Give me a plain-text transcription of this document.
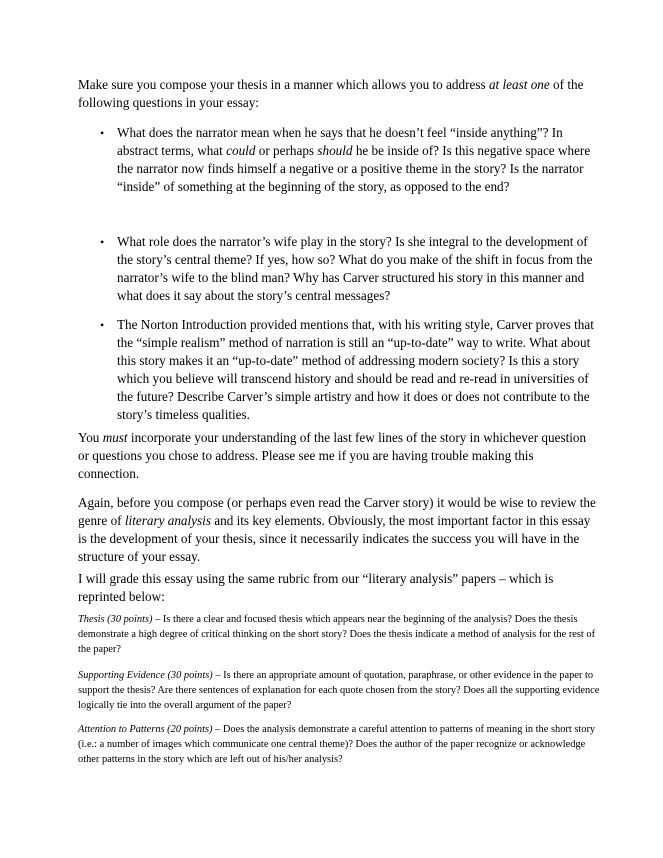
Make sure you compose your thesis in a manner which allows you to address at least one of the following questions in your essay:

• What does the narrator mean when he says that he doesn’t feel “inside anything”? In abstract terms, what could or perhaps should he be inside of? Is this negative space where the narrator now finds himself a negative or a positive theme in the story? Is the narrator “inside” of something at the beginning of the story, as opposed to the end?

• What role does the narrator’s wife play in the story? Is she integral to the development of the story’s central theme? If yes, how so? What do you make of the shift in focus from the narrator’s wife to the blind man? Why has Carver structured his story in this manner and what does it say about the story’s central messages?

• The Norton Introduction provided mentions that, with his writing style, Carver proves that the “simple realism” method of narration is still an “up-to-date” way to write. What about this story makes it an “up-to-date” method of addressing modern society? Is this a story which you believe will transcend history and should be read and re-read in universities of the future? Describe Carver’s simple artistry and how it does or does not contribute to the story’s timeless qualities.

You must incorporate your understanding of the last few lines of the story in whichever question or questions you chose to address. Please see me if you are having trouble making this connection.

Again, before you compose (or perhaps even read the Carver story) it would be wise to review the genre of literary analysis and its key elements. Obviously, the most important factor in this essay is the development of your thesis, since it necessarily indicates the success you will have in the structure of your essay.

I will grade this essay using the same rubric from our “literary analysis” papers – which is reprinted below:

Thesis (30 points) – Is there a clear and focused thesis which appears near the beginning of the analysis? Does the thesis demonstrate a high degree of critical thinking on the short story? Does the thesis indicate a method of analysis for the rest of the paper?

Supporting Evidence (30 points) – Is there an appropriate amount of quotation, paraphrase, or other evidence in the paper to support the thesis? Are there sentences of explanation for each quote chosen from the story? Does all the supporting evidence logically tie into the overall argument of the paper?

Attention to Patterns (20 points) – Does the analysis demonstrate a careful attention to patterns of meaning in the short story (i.e.: a number of images which communicate one central theme)? Does the author of the paper recognize or acknowledge other patterns in the story which are left out of his/her analysis?
